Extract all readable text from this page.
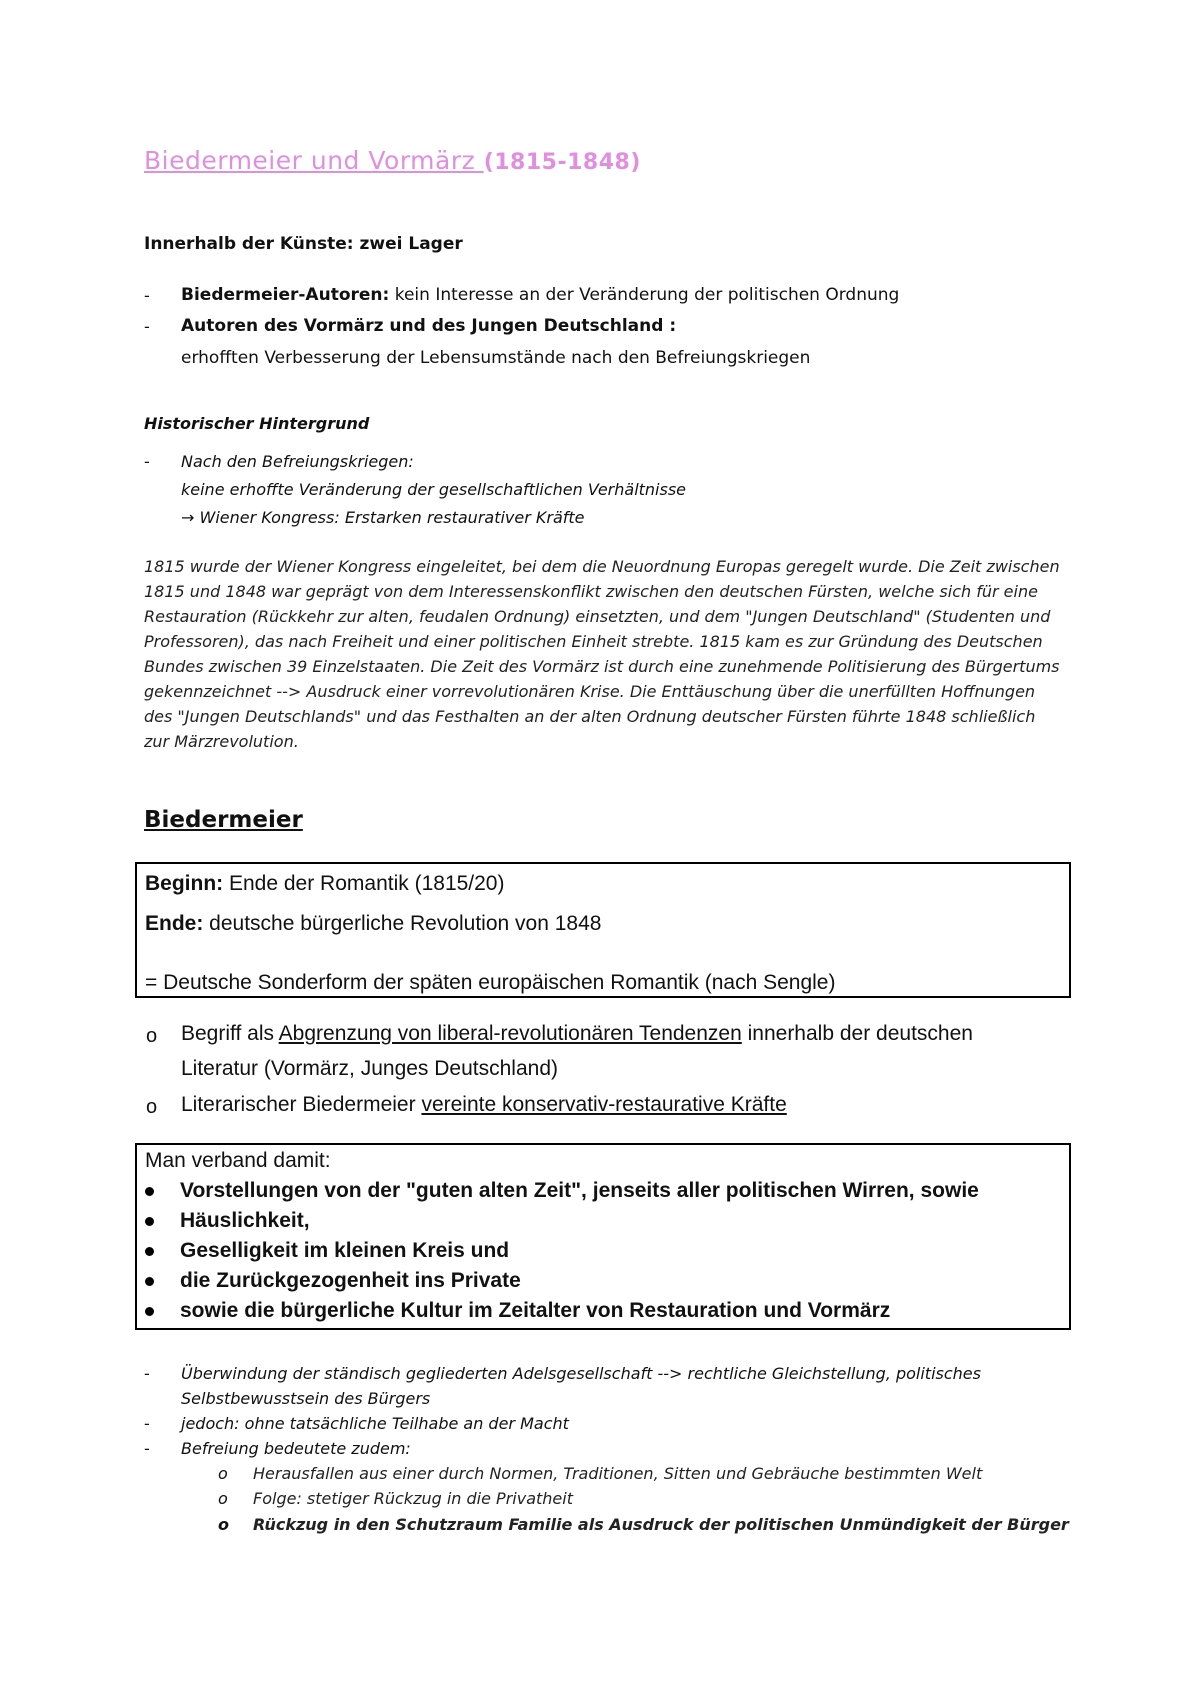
Biedermeier und Vormärz (1815-1848)
Innerhalb der Künste: zwei Lager
- Biedermeier-Autoren: kein Interesse an der Veränderung der politischen Ordnung
- Autoren des Vormärz und des Jungen Deutschland :
erhofften Verbesserung der Lebensumstände nach den Befreiungskriegen
Historischer Hintergrund
- Nach den Befreiungskriegen:
keine erhoffte Veränderung der gesellschaftlichen Verhältnisse
→ Wiener Kongress: Erstarken restaurativer Kräfte
1815 wurde der Wiener Kongress eingeleitet, bei dem die Neuordnung Europas geregelt wurde. Die Zeit zwischen 1815 und 1848 war geprägt von dem Interessenskonflikt zwischen den deutschen Fürsten, welche sich für eine Restauration (Rückkehr zur alten, feudalen Ordnung) einsetzten, und dem "Jungen Deutschland" (Studenten und Professoren), das nach Freiheit und einer politischen Einheit strebte. 1815 kam es zur Gründung des Deutschen Bundes zwischen 39 Einzelstaaten. Die Zeit des Vormärz ist durch eine zunehmende Politisierung des Bürgertums gekennzeichnet --> Ausdruck einer vorrevolutionären Krise. Die Enttäuschung über die unerfüllten Hoffnungen des "Jungen Deutschlands" und das Festhalten an der alten Ordnung deutscher Fürsten führte 1848 schließlich zur Märzrevolution.
Biedermeier
Beginn: Ende der Romantik (1815/20)
Ende: deutsche bürgerliche Revolution von 1848
= Deutsche Sonderform der späten europäischen Romantik (nach Sengle)
o Begriff als Abgrenzung von liberal-revolutionären Tendenzen innerhalb der deutschen
Literatur (Vormärz, Junges Deutschland)
o Literarischer Biedermeier vereinte konservativ-restaurative Kräfte
Man verband damit:
Vorstellungen von der "guten alten Zeit", jenseits aller politischen Wirren, sowie
Häuslichkeit,
Geselligkeit im kleinen Kreis und
die Zurückgezogenheit ins Private
sowie die bürgerliche Kultur im Zeitalter von Restauration und Vormärz
- Überwindung der ständisch gegliederten Adelsgesellschaft --> rechtliche Gleichstellung, politisches
Selbstbewusstsein des Bürgers
- jedoch: ohne tatsächliche Teilhabe an der Macht
- Befreiung bedeutete zudem:
o Herausfallen aus einer durch Normen, Traditionen, Sitten und Gebräuche bestimmten Welt
o Folge: stetiger Rückzug in die Privatheit
o Rückzug in den Schutzraum Familie als Ausdruck der politischen Unmündigkeit der Bürger
